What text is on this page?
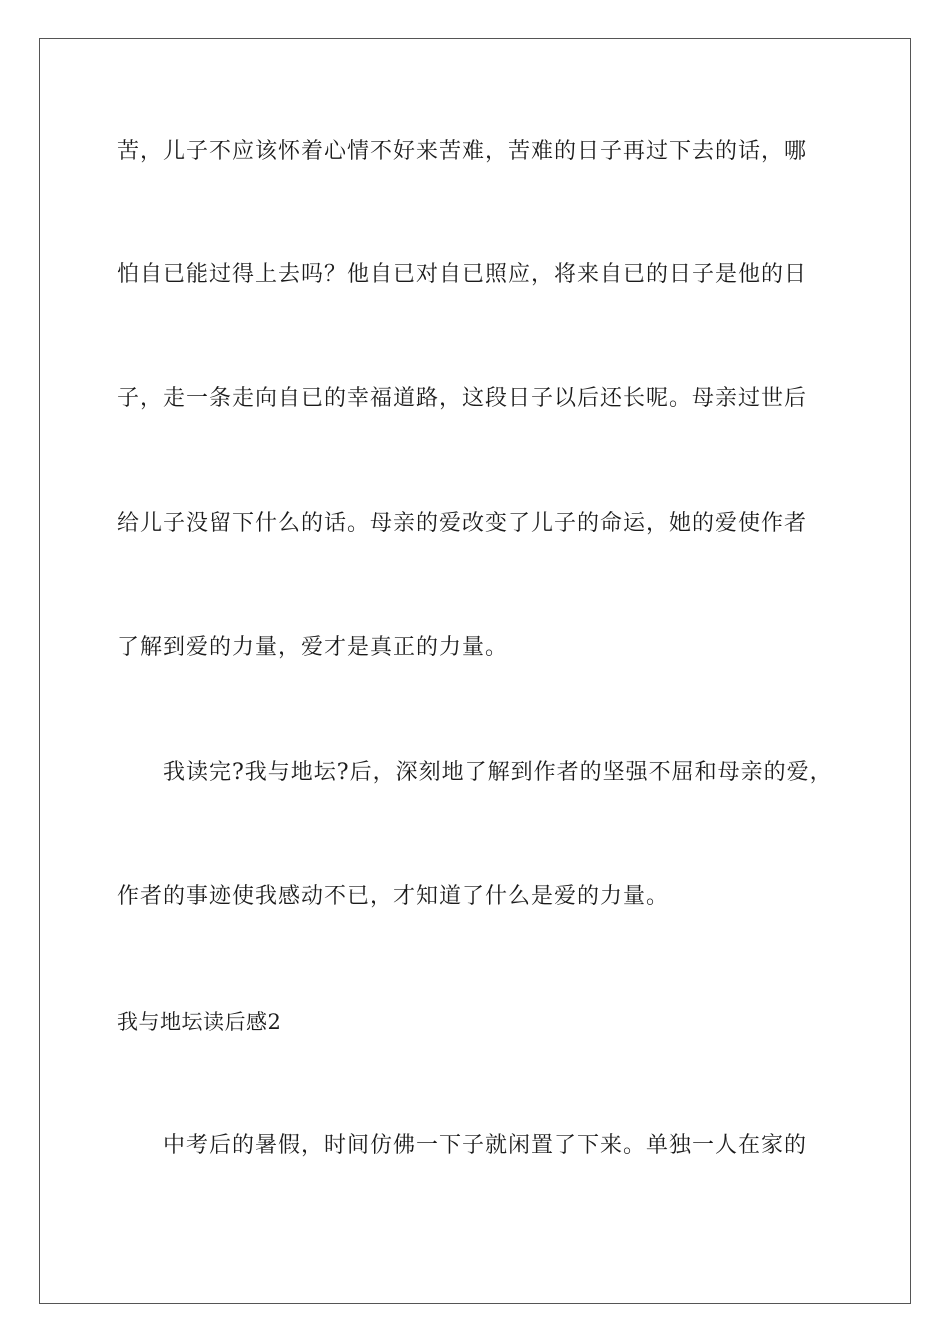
苦，儿子不应该怀着心情不好来苦难，苦难的日子再过下去的话，哪
怕自已能过得上去吗？他自已对自已照应，将来自已的日子是他的日
子，走一条走向自已的幸福道路，这段日子以后还长呢。母亲过世后
给儿子没留下什么的话。母亲的爱改变了儿子的命运，她的爱使作者
了解到爱的力量，爱才是真正的力量。
我读完?我与地坛?后，深刻地了解到作者的坚强不屈和母亲的爱，
作者的事迹使我感动不已，才知道了什么是爱的力量。
我与地坛读后感2
中考后的暑假，时间仿佛一下子就闲置了下来。单独一人在家的
